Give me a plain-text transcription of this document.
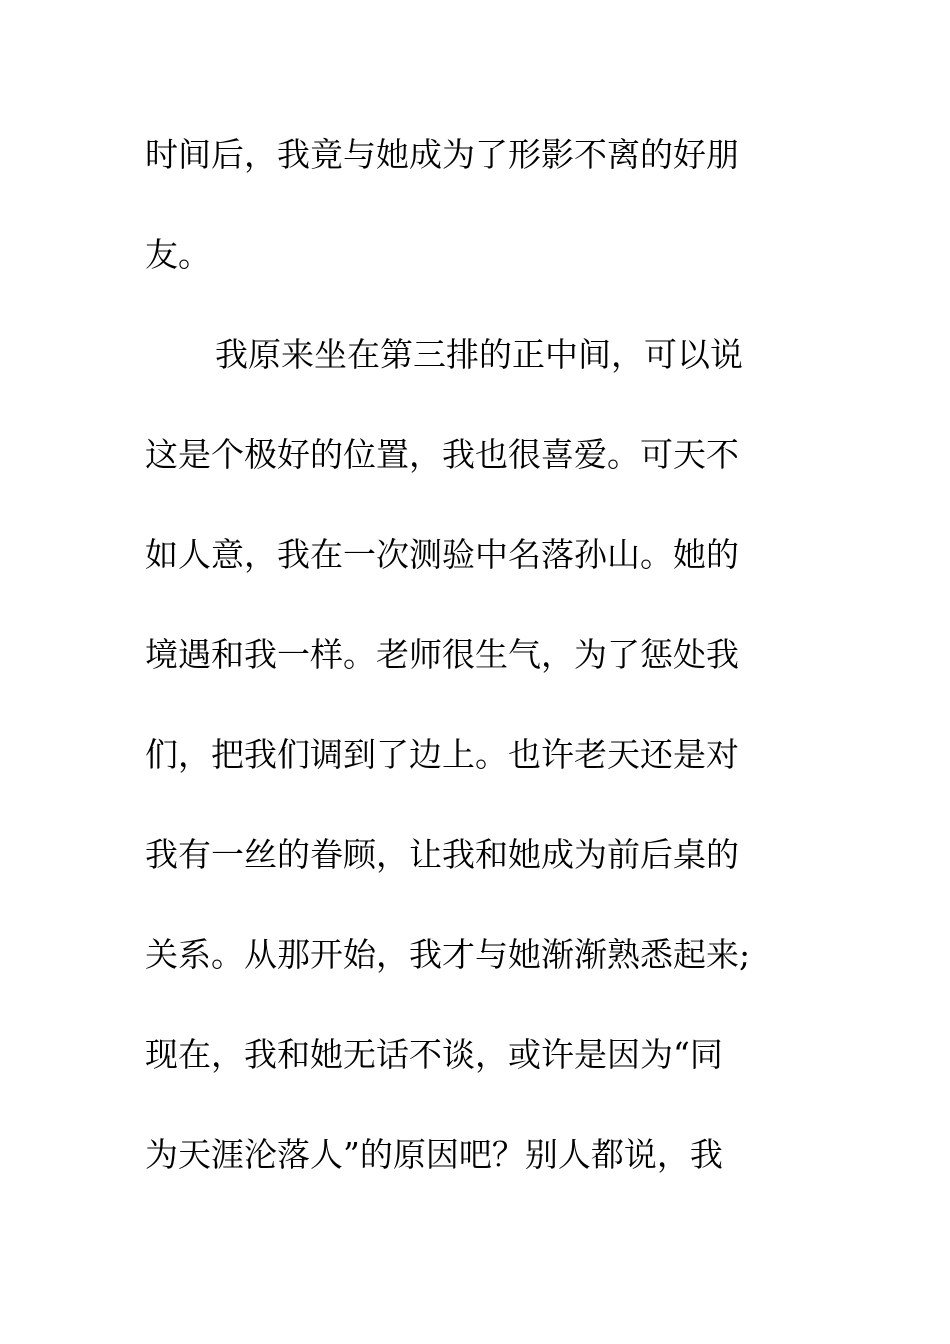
时间后，我竟与她成为了形影不离的好朋
友。
我原来坐在第三排的正中间，可以说
这是个极好的位置，我也很喜爱。可天不
如人意，我在一次测验中名落孙山。她的
境遇和我一样。老师很生气，为了惩处我
们，把我们调到了边上。也许老天还是对
我有一丝的眷顾，让我和她成为前后桌的
关系。从那开始，我才与她渐渐熟悉起来;
现在，我和她无话不谈，或许是因为“同
为天涯沦落人”的原因吧？别人都说，我
